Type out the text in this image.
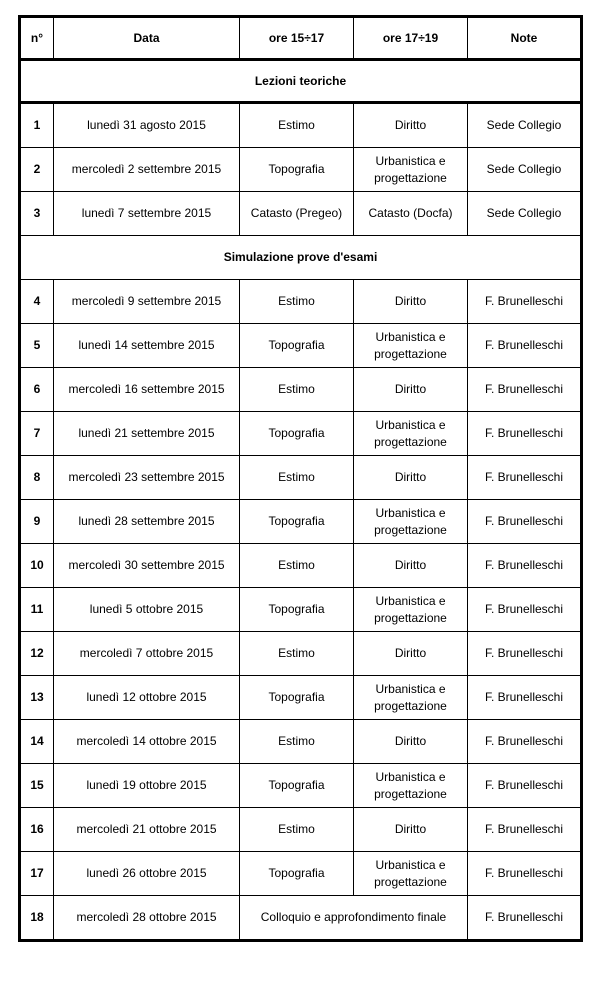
n°	Data	ore 15÷17	ore 17÷19	Note
Lezioni teoriche				
1	lunedì 31 agosto 2015	Estimo	Diritto	Sede Collegio
2	mercoledì 2 settembre 2015	Topografia	Urbanistica e progettazione	Sede Collegio
3	lunedì 7 settembre 2015	Catasto (Pregeo)	Catasto (Docfa)	Sede Collegio
Simulazione prove d'esami				
4	mercoledì 9 settembre 2015	Estimo	Diritto	F. Brunelleschi
5	lunedì 14 settembre 2015	Topografia	Urbanistica e progettazione	F. Brunelleschi
6	mercoledì 16 settembre 2015	Estimo	Diritto	F. Brunelleschi
7	lunedì 21 settembre 2015	Topografia	Urbanistica e progettazione	F. Brunelleschi
8	mercoledì 23 settembre 2015	Estimo	Diritto	F. Brunelleschi
9	lunedì 28 settembre 2015	Topografia	Urbanistica e progettazione	F. Brunelleschi
10	mercoledì 30 settembre 2015	Estimo	Diritto	F. Brunelleschi
11	lunedì 5 ottobre 2015	Topografia	Urbanistica e progettazione	F. Brunelleschi
12	mercoledì 7 ottobre 2015	Estimo	Diritto	F. Brunelleschi
13	lunedì 12 ottobre 2015	Topografia	Urbanistica e progettazione	F. Brunelleschi
14	mercoledì 14 ottobre 2015	Estimo	Diritto	F. Brunelleschi
15	lunedì 19 ottobre 2015	Topografia	Urbanistica e progettazione	F. Brunelleschi
16	mercoledì 21 ottobre 2015	Estimo	Diritto	F. Brunelleschi
17	lunedì 26 ottobre 2015	Topografia	Urbanistica e progettazione	F. Brunelleschi
18	mercoledì 28 ottobre 2015	Colloquio e approfondimento finale		F. Brunelleschi
